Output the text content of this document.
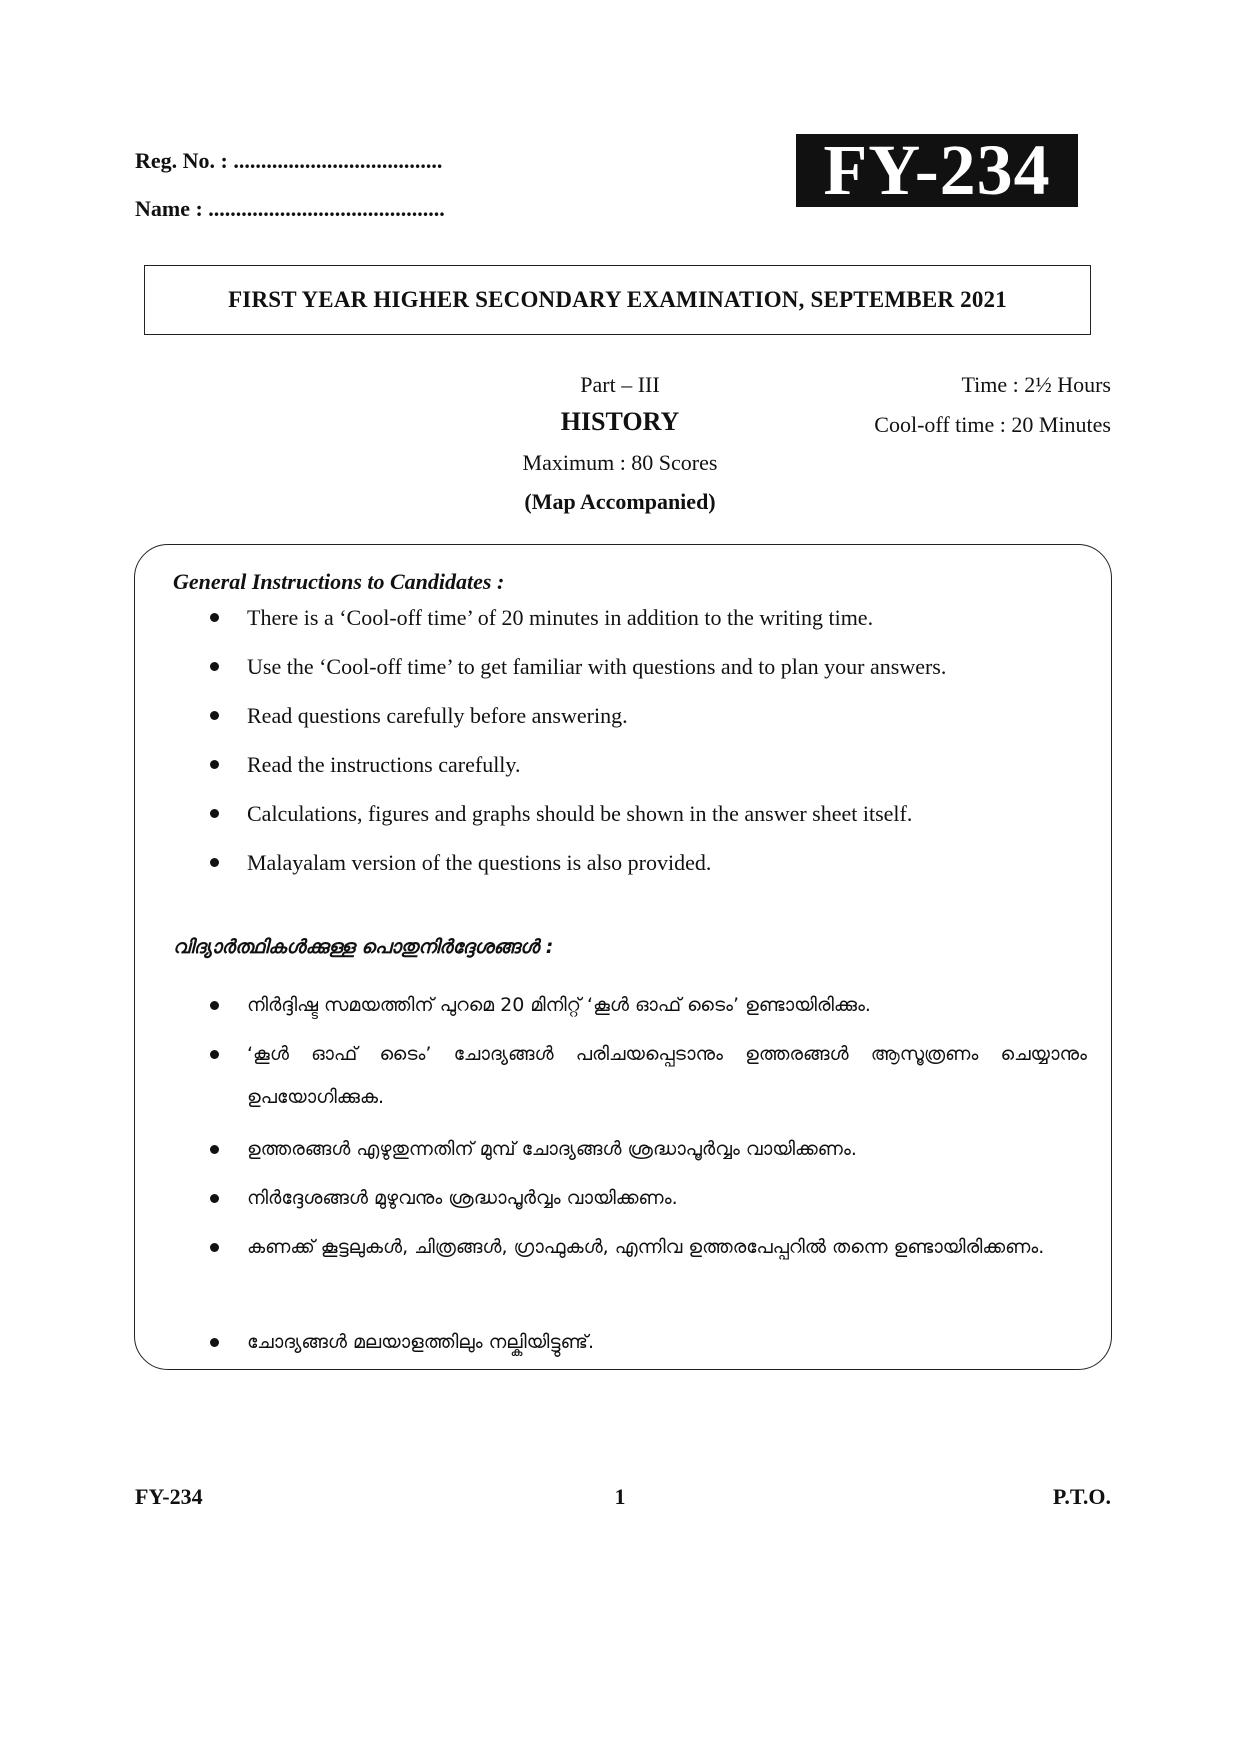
Reg. No. : ......................................
Name : ...........................................	FY-234
FIRST YEAR HIGHER SECONDARY EXAMINATION, SEPTEMBER 2021
Part – III
HISTORY
Maximum : 80 Scores
(Map Accompanied)
Time : 2½ Hours
Cool-off time : 20 Minutes
General Instructions to Candidates :
There is a ‘Cool-off time’ of 20 minutes in addition to the writing time.
Use the ‘Cool-off time’ to get familiar with questions and to plan your answers.
Read questions carefully before answering.
Read the instructions carefully.
Calculations, figures and graphs should be shown in the answer sheet itself.
Malayalam version of the questions is also provided.
വിദ്യാർത്ഥികൾക്കുള്ള പൊതുനിർദ്ദേശങ്ങൾ :
നിർദ്ദിഷ്ട സമയത്തിന് പുറമെ 20 മിനിറ്റ് ‘കൂൾ ഓഫ് ടൈം’ ഉണ്ടായിരിക്കും.
‘കൂൾ ഓഫ് ടൈം’ ചോദ്യങ്ങൾ പരിചയപ്പെടാനും ഉത്തരങ്ങൾ ആസൂത്രണം ചെയ്യാനും ഉപയോഗിക്കുക.
ഉത്തരങ്ങൾ എഴുതുന്നതിന് മുമ്പ് ചോദ്യങ്ങൾ ശ്രദ്ധാപൂർവ്വം വായിക്കണം.
നിർദ്ദേശങ്ങൾ മുഴുവനും ശ്രദ്ധാപൂർവ്വം വായിക്കണം.
കണക്ക് കൂട്ടലുകൾ, ചിത്രങ്ങൾ, ഗ്രാഫുകൾ, എന്നിവ ഉത്തരപേപ്പറിൽ തന്നെ ഉണ്ടായിരിക്കണം.
ചോദ്യങ്ങൾ മലയാളത്തിലും നല്കിയിട്ടുണ്ട്.
FY-234	1	P.T.O.
